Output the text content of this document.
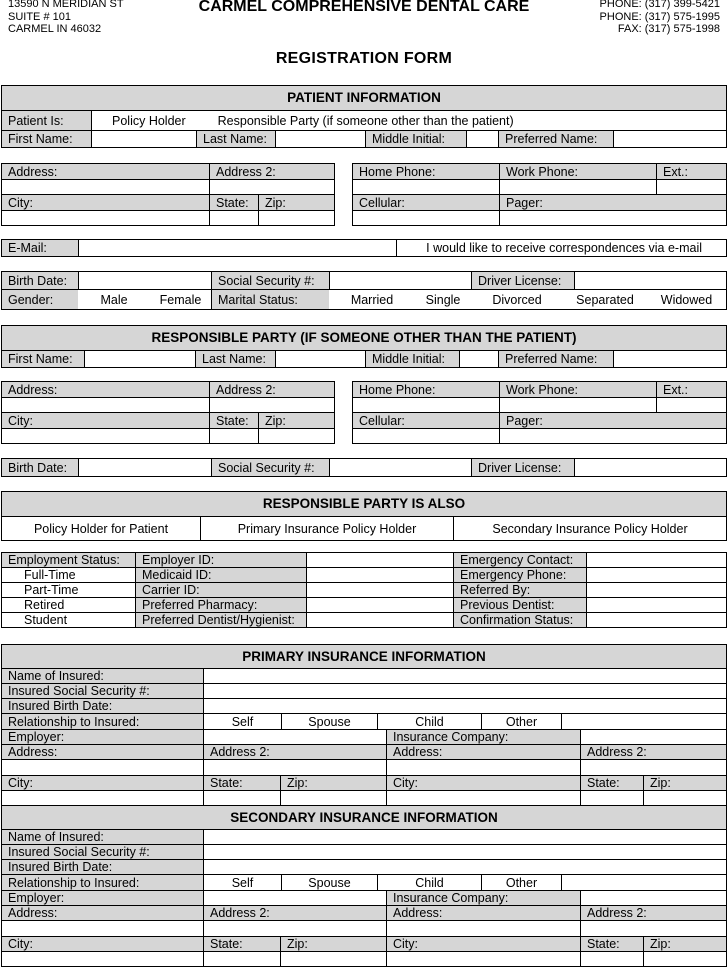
13590 N MERIDIAN ST
SUITE # 101
CARMEL IN 46032
CARMEL COMPREHENSIVE DENTAL CARE	PHONE: (317) 399-5421
PHONE: (317) 575-1995
FAX: (317) 575-1998
REGISTRATION FORM
PATIENT INFORMATION
Patient Is:	Policy Holder	Responsible Party (if someone other than the patient)
First Name:	Last Name:	Middle Initial:	Preferred Name:
Address:	Address 2:
City:	State:	Zip:
Home Phone:	Work Phone:	Ext.:
Cellular:	Pager:
E-Mail:	I would like to receive correspondences via e-mail
Birth Date:	Social Security #:	Driver License:
Gender:	Male	Female	Marital Status:	Married	Single	Divorced	Separated	Widowed
RESPONSIBLE PARTY (IF SOMEONE OTHER THAN THE PATIENT)
First Name:	Last Name:	Middle Initial:	Preferred Name:
Address:	Address 2:
City:	State:	Zip:
Home Phone:	Work Phone:	Ext.:
Cellular:	Pager:
Birth Date:	Social Security #:	Driver License:
RESPONSIBLE PARTY IS ALSO
Policy Holder for Patient	Primary Insurance Policy Holder	Secondary Insurance Policy Holder
Employment Status:	Employer ID:	Emergency Contact:
Full-Time	Medicaid ID:	Emergency Phone:
Part-Time	Carrier ID:	Referred By:
Retired	Preferred Pharmacy:	Previous Dentist:
Student	Preferred Dentist/Hygienist:	Confirmation Status:
PRIMARY INSURANCE INFORMATION
Name of Insured:
Insured Social Security #:
Insured Birth Date:
Relationship to Insured:	Self	Spouse	Child	Other
Employer:	Insurance Company:
Address:	Address 2:	Address:	Address 2:
City:	State:	Zip:	City:	State:	Zip:
SECONDARY INSURANCE INFORMATION
Name of Insured:
Insured Social Security #:
Insured Birth Date:
Relationship to Insured:	Self	Spouse	Child	Other
Employer:	Insurance Company:
Address:	Address 2:	Address:	Address 2:
City:	State:	Zip:	City:	State:	Zip:
